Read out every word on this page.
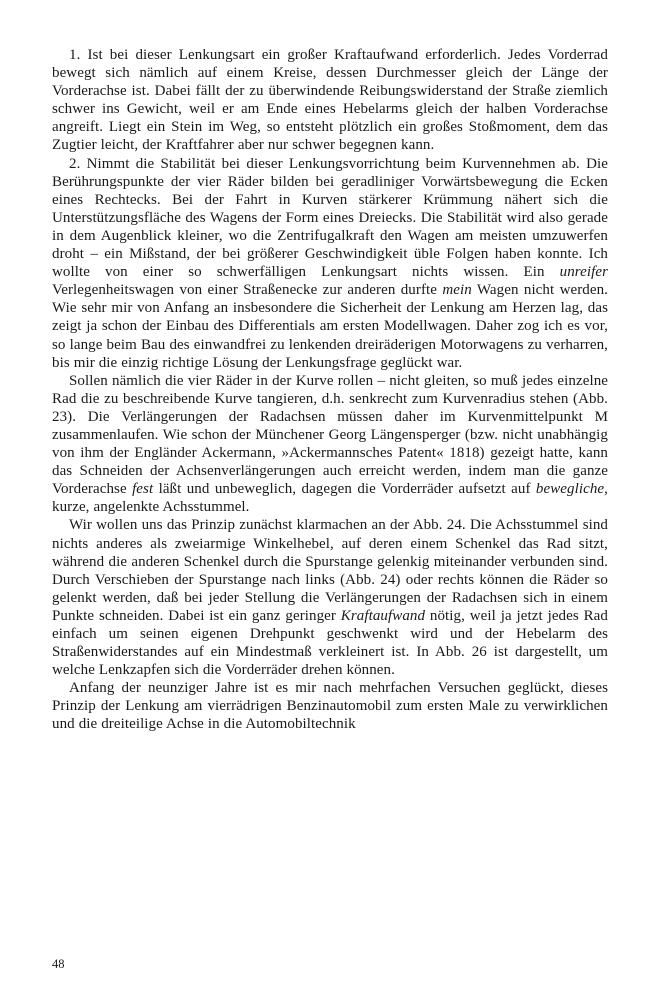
1. Ist bei dieser Lenkungsart ein großer Kraftaufwand erforderlich. Jedes Vorderrad bewegt sich nämlich auf einem Kreise, dessen Durchmesser gleich der Länge der Vorderachse ist. Dabei fällt der zu überwindende Reibungswiderstand der Straße ziemlich schwer ins Gewicht, weil er am Ende eines Hebelarms gleich der halben Vorderachse angreift. Liegt ein Stein im Weg, so entsteht plötzlich ein großes Stoßmoment, dem das Zugtier leicht, der Kraftfahrer aber nur schwer begegnen kann.

2. Nimmt die Stabilität bei dieser Lenkungsvorrichtung beim Kurvennehmen ab. Die Berührungspunkte der vier Räder bilden bei geradliniger Vorwärtsbewegung die Ecken eines Rechtecks. Bei der Fahrt in Kurven stärkerer Krümmung nähert sich die Unterstützungsfläche des Wagens der Form eines Dreiecks. Die Stabilität wird also gerade in dem Augenblick kleiner, wo die Zentrifugalkraft den Wagen am meisten umzuwerfen droht – ein Mißstand, der bei größerer Geschwindigkeit üble Folgen haben konnte. Ich wollte von einer so schwerfälligen Lenkungsart nichts wissen. Ein unreifer Verlegenheitswagen von einer Straßenecke zur anderen durfte mein Wagen nicht werden. Wie sehr mir von Anfang an insbesondere die Sicherheit der Lenkung am Herzen lag, das zeigt ja schon der Einbau des Differentials am ersten Modellwagen. Daher zog ich es vor, so lange beim Bau des einwandfrei zu lenkenden dreiräderigen Motorwagens zu verharren, bis mir die einzig richtige Lösung der Lenkungsfrage geglückt war.

Sollen nämlich die vier Räder in der Kurve rollen – nicht gleiten, so muß jedes einzelne Rad die zu beschreibende Kurve tangieren, d.h. senkrecht zum Kurvenradius stehen (Abb. 23). Die Verlängerungen der Radachsen müssen daher im Kurvenmittelpunkt M zusammenlaufen. Wie schon der Münchener Georg Längensperger (bzw. nicht unabhängig von ihm der Engländer Ackermann, »Ackermannsches Patent« 1818) gezeigt hatte, kann das Schneiden der Achsenverlängerungen auch erreicht werden, indem man die ganze Vorderachse fest läßt und unbeweglich, dagegen die Vorderräder aufsetzt auf bewegliche, kurze, angelenkte Achsstummel.

Wir wollen uns das Prinzip zunächst klarmachen an der Abb. 24. Die Achsstummel sind nichts anderes als zweiarmige Winkelhebel, auf deren einem Schenkel das Rad sitzt, während die anderen Schenkel durch die Spurstange gelenkig miteinander verbunden sind. Durch Verschieben der Spurstange nach links (Abb. 24) oder rechts können die Räder so gelenkt werden, daß bei jeder Stellung die Verlängerungen der Radachsen sich in einem Punkte schneiden. Dabei ist ein ganz geringer Kraftaufwand nötig, weil ja jetzt jedes Rad einfach um seinen eigenen Drehpunkt geschwenkt wird und der Hebelarm des Straßenwiderstandes auf ein Mindestmaß verkleinert ist. In Abb. 26 ist dargestellt, um welche Lenkzapfen sich die Vorderräder drehen können.

Anfang der neunziger Jahre ist es mir nach mehrfachen Versuchen geglückt, dieses Prinzip der Lenkung am vierrädrigen Benzinautomobil zum ersten Male zu verwirklichen und die dreiteilige Achse in die Automobiltechnik

48
